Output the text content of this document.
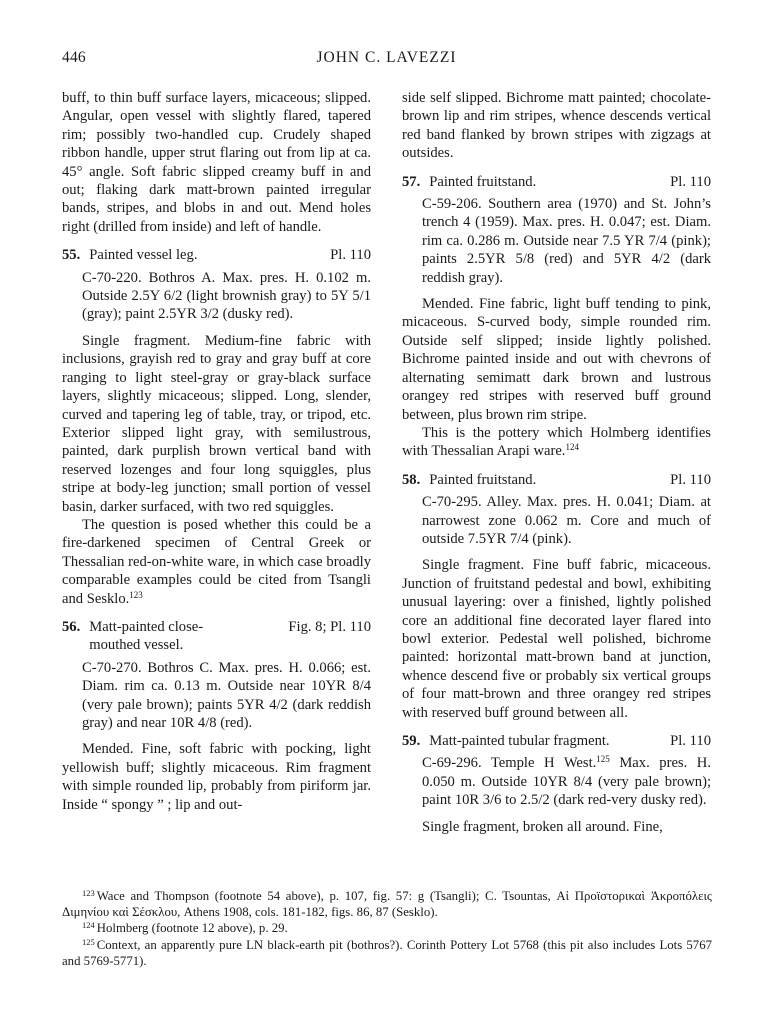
446	JOHN C. LAVEZZI

buff, to thin buff surface layers, micaceous; slipped. Angular, open vessel with slightly flared, tapered rim; possibly two-handled cup. Crudely shaped ribbon handle, upper strut flaring out from lip at ca. 45° angle. Soft fabric slipped creamy buff in and out; flaking dark matt-brown painted irregular bands, stripes, and blobs in and out. Mend holes right (drilled from inside) and left of handle.

55. Painted vessel leg.	Pl. 110

C-70-220. Bothros A. Max. pres. H. 0.102 m. Outside 2.5Y 6/2 (light brownish gray) to 5Y 5/1 (gray); paint 2.5YR 3/2 (dusky red).

Single fragment. Medium-fine fabric with inclusions, grayish red to gray and gray buff at core ranging to light steel-gray or gray-black surface layers, slightly micaceous; slipped. Long, slender, curved and tapering leg of table, tray, or tripod, etc. Exterior slipped light gray, with semilustrous, painted, dark purplish brown vertical band with reserved lozenges and four long squiggles, plus stripe at body-leg junction; small portion of vessel basin, darker surfaced, with two red squiggles.

The question is posed whether this could be a fire-darkened specimen of Central Greek or Thessalian red-on-white ware, in which case broadly comparable examples could be cited from Tsangli and Sesklo.$^{123}$

56. Matt-painted close-mouthed vessel.
Fig. 8; Pl. 110

C-70-270. Bothros C. Max. pres. H. 0.066; est. Diam. rim ca. 0.13 m. Outside near 10YR 8/4 (very pale brown); paints 5YR 4/2 (dark reddish gray) and near 10R 4/8 (red).

Mended. Fine, soft fabric with pocking, light yellowish buff; slightly micaceous. Rim fragment with simple rounded lip, probably from piriform jar. Inside “ spongy ” ; lip and out-

side self slipped. Bichrome matt painted; chocolate-brown lip and rim stripes, whence descends vertical red band flanked by brown stripes with zigzags at outsides.

57. Painted fruitstand.	Pl. 110

C-59-206. Southern area (1970) and St. John’s trench 4 (1959). Max. pres. H. 0.047; est. Diam. rim ca. 0.286 m. Outside near 7.5 YR 7/4 (pink); paints 2.5YR 5/8 (red) and 5YR 4/2 (dark reddish gray).

Mended. Fine fabric, light buff tending to pink, micaceous. S-curved body, simple rounded rim. Outside self slipped; inside lightly polished. Bichrome painted inside and out with chevrons of alternating semimatt dark brown and lustrous orangey red stripes with reserved buff ground between, plus brown rim stripe.

This is the pottery which Holmberg identifies with Thessalian Arapi ware.$^{124}$

58. Painted fruitstand.	Pl. 110

C-70-295. Alley. Max. pres. H. 0.041; Diam. at narrowest zone 0.062 m. Core and much of outside 7.5YR 7/4 (pink).

Single fragment. Fine buff fabric, micaceous. Junction of fruitstand pedestal and bowl, exhibiting unusual layering: over a finished, lightly polished core an additional fine decorated layer flared into bowl exterior. Pedestal well polished, bichrome painted: horizontal matt-brown band at junction, whence descend five or probably six vertical groups of four matt-brown and three orangey red stripes with reserved buff ground between all.

59. Matt-painted tubular fragment.	Pl. 110

C-69-296. Temple H West.$^{125}$ Max. pres. H. 0.050 m. Outside 10YR 8/4 (very pale brown); paint 10R 3/6 to 2.5/2 (dark red-very dusky red).

Single fragment, broken all around. Fine,

$^{123}$ Wace and Thompson (footnote 54 above), p. 107, fig. 57: g (Tsangli); C. Tsountas, Αἱ Προϊστορικαὶ Ἀκροπόλεις Διμηνίου καὶ Σέσκλου, Athens 1908, cols. 181-182, figs. 86, 87 (Sesklo).

$^{124}$ Holmberg (footnote 12 above), p. 29.

$^{125}$ Context, an apparently pure LN black-earth pit (bothros?). Corinth Pottery Lot 5768 (this pit also includes Lots 5767 and 5769-5771).
